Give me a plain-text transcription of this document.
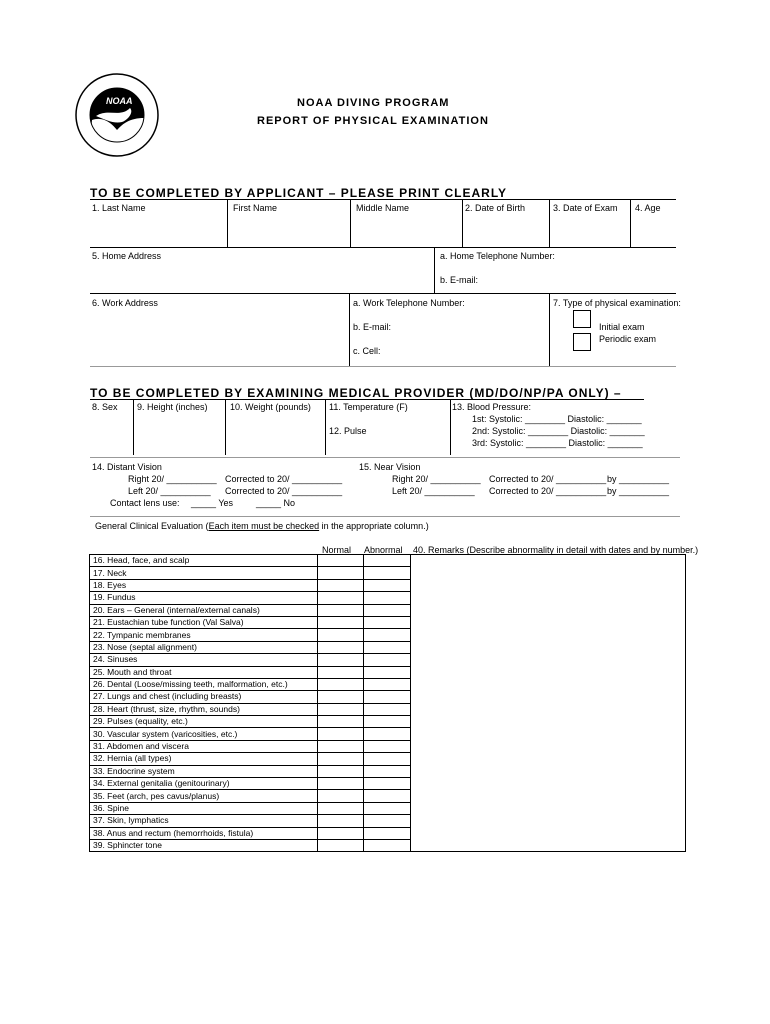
NOAA	NOAA DIVING PROGRAM
REPORT OF PHYSICAL EXAMINATION
TO BE COMPLETED BY APPLICANT – PLEASE PRINT CLEARLY
1. Last Name	First Name	Middle Name	2. Date of Birth	3. Date of Exam 4. Age
5. Home Address	a. Home Telephone Number:
b. E-mail:
6. Work Address	a. Work Telephone Number:
b. E-mail:
c. Cell:
7. Type of physical examination:
Initial exam
Periodic exam
TO BE COMPLETED BY EXAMINING MEDICAL PROVIDER (MD/DO/NP/PA ONLY) –
8. Sex 9. Height (inches) 10. Weight (pounds) 11. Temperature (F)
12. Pulse
13. Blood Pressure:
1st: Systolic: ________ Diastolic: _______
2nd: Systolic: ________ Diastolic: _______
3rd: Systolic: ________ Diastolic: _______
14. Distant Vision
Right 20/ __________ Corrected to 20/ __________
Left 20/ __________ Corrected to 20/ __________
Contact lens use: _____ Yes	_____ No
15. Near Vision
Right 20/ __________ Corrected to 20/ __________ by __________
Left 20/ __________ Corrected to 20/ __________ by __________
General Clinical Evaluation (Each item must be checked in the appropriate column.)
Normal Abnormal 40. Remarks (Describe abnormality in detail with dates and by number.)
16. Head, face, and scalp			
17. Neck			
18. Eyes			
19. Fundus			
20. Ears – General (internal/external canals)			
21. Eustachian tube function (Val Salva)			
22. Tympanic membranes			
23. Nose (septal alignment)			
24. Sinuses			
25. Mouth and throat			
26. Dental (Loose/missing teeth, malformation, etc.)			
27. Lungs and chest (including breasts)			
28. Heart (thrust, size, rhythm, sounds)			
29. Pulses (equality, etc.)			
30. Vascular system (varicosities, etc.)			
31. Abdomen and viscera			
32. Hernia (all types)			
33. Endocrine system			
34. External genitalia (genitourinary)			
35. Feet (arch, pes cavus/planus)			
36. Spine			
37. Skin, lymphatics			
38. Anus and rectum (hemorrhoids, fistula)			
39. Sphincter tone			
